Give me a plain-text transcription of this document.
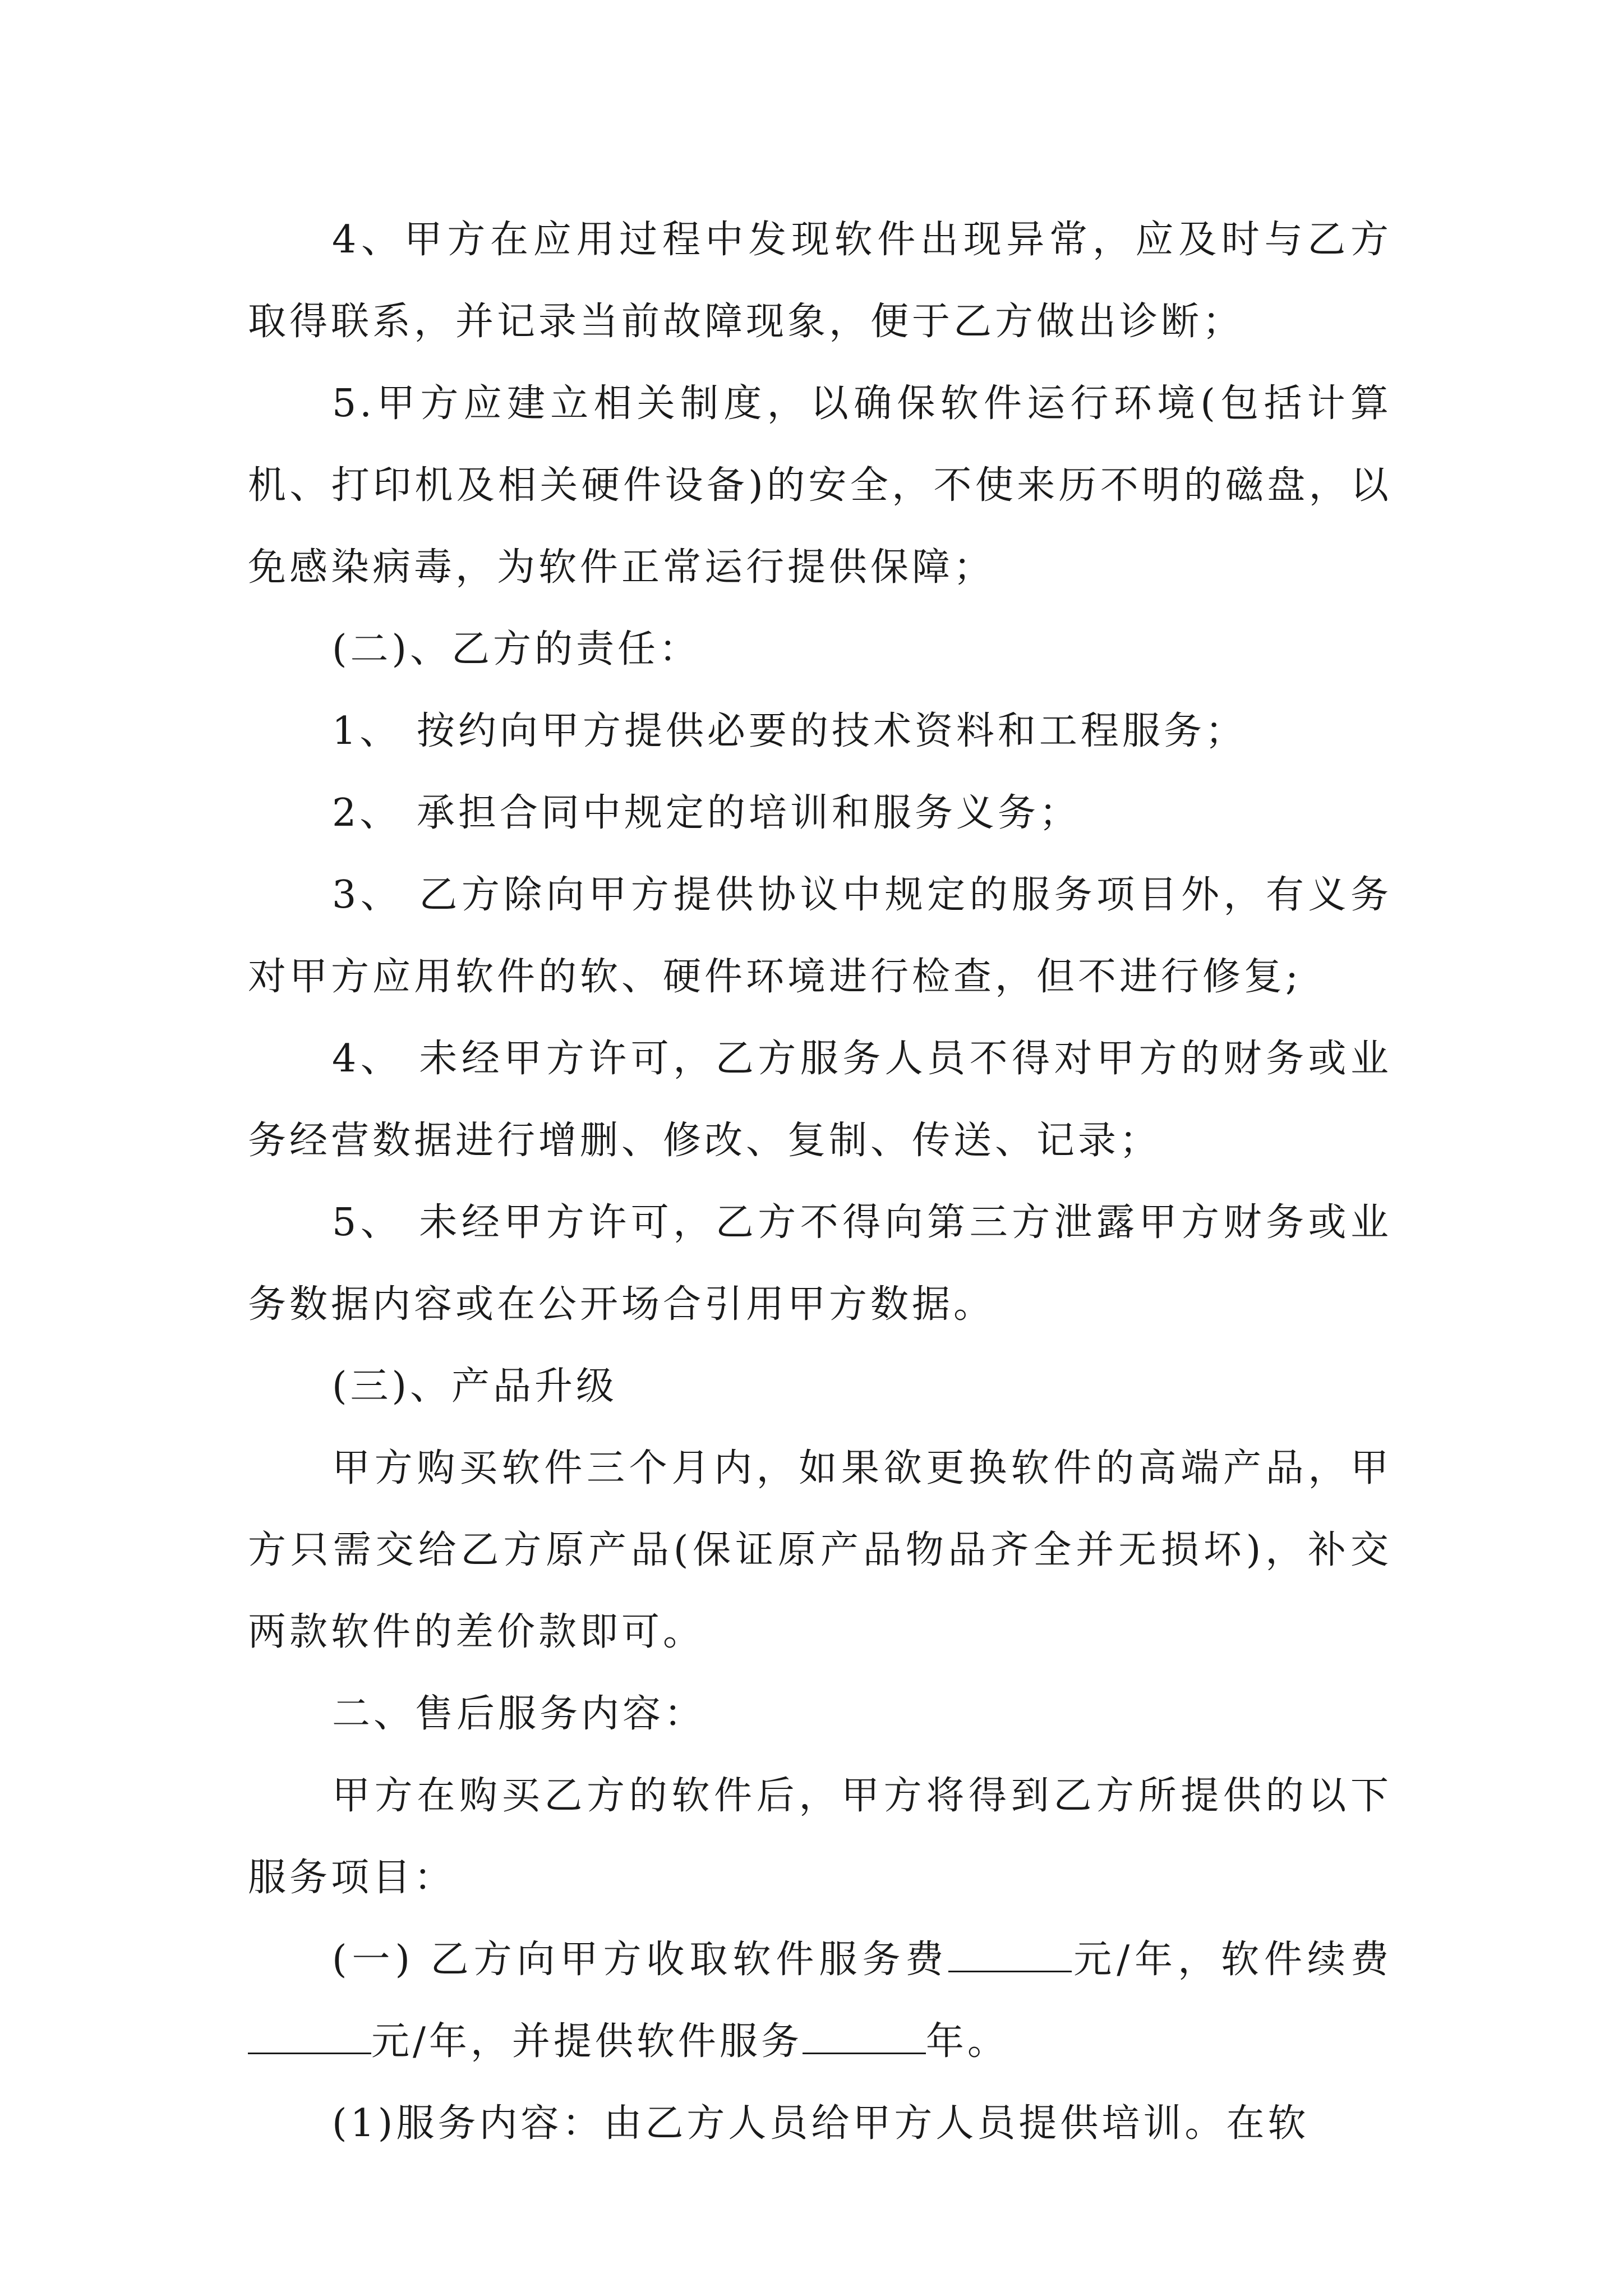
4、甲方在应用过程中发现软件出现异常，应及时与乙方取得联系，并记录当前故障现象，便于乙方做出诊断；

5.甲方应建立相关制度，以确保软件运行环境(包括计算机、打印机及相关硬件设备)的安全，不使来历不明的磁盘，以免感染病毒，为软件正常运行提供保障；

(二)、乙方的责任：

1、 按约向甲方提供必要的技术资料和工程服务；

2、 承担合同中规定的培训和服务义务；

3、 乙方除向甲方提供协议中规定的服务项目外，有义务对甲方应用软件的软、硬件环境进行检查，但不进行修复;

4、 未经甲方许可，乙方服务人员不得对甲方的财务或业务经营数据进行增删、修改、复制、传送、记录；

5、 未经甲方许可，乙方不得向第三方泄露甲方财务或业务数据内容或在公开场合引用甲方数据。

(三)、产品升级

甲方购买软件三个月内，如果欲更换软件的高端产品，甲方只需交给乙方原产品(保证原产品物品齐全并无损坏)，补交两款软件的差价款即可。

二、售后服务内容：

甲方在购买乙方的软件后，甲方将得到乙方所提供的以下服务项目：

(一) 乙方向甲方收取软件服务费	元/年，软件续费元/年，并提供软件服务	年。

(1)服务内容：由乙方人员给甲方人员提供培训。在软
